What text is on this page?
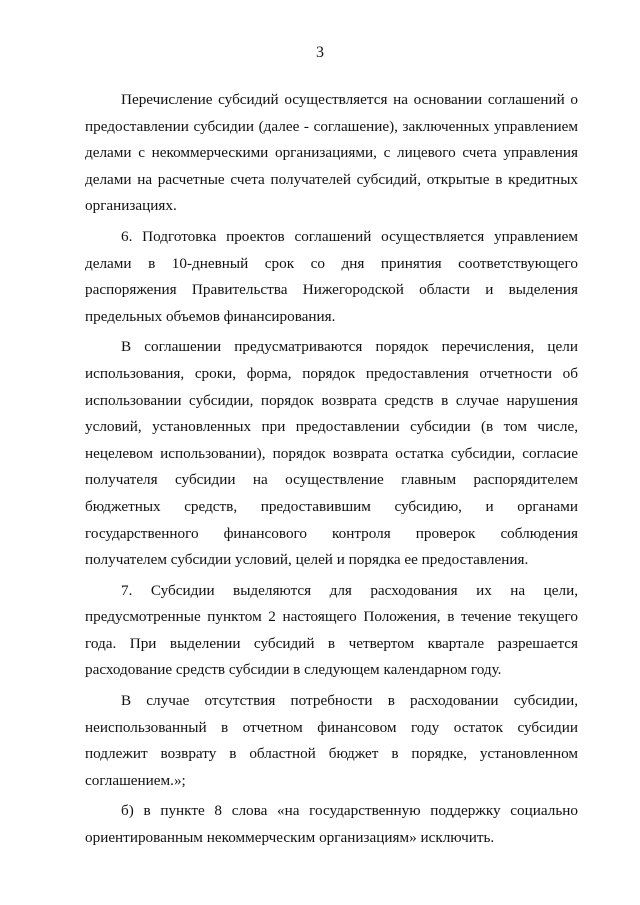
3

Перечисление субсидий осуществляется на основании соглашений о предоставлении субсидии (далее - соглашение), заключенных управлением делами с некоммерческими организациями, с лицевого счета управления делами на расчетные счета получателей субсидий, открытые в кредитных организациях.

6. Подготовка проектов соглашений осуществляется управлением делами в 10-дневный срок со дня принятия соответствующего распоряжения Правительства Нижегородской области и выделения предельных объемов финансирования.

В соглашении предусматриваются порядок перечисления, цели использования, сроки, форма, порядок предоставления отчетности об использовании субсидии, порядок возврата средств в случае нарушения условий, установленных при предоставлении субсидии (в том числе, нецелевом использовании), порядок возврата остатка субсидии, согласие получателя субсидии на осуществление главным распорядителем бюджетных средств, предоставившим субсидию, и органами государственного финансового контроля проверок соблюдения получателем субсидии условий, целей и порядка ее предоставления.

7. Субсидии выделяются для расходования их на цели, предусмотренные пунктом 2 настоящего Положения, в течение текущего года. При выделении субсидий в четвертом квартале разрешается расходование средств субсидии в следующем календарном году.

В случае отсутствия потребности в расходовании субсидии, неиспользованный в отчетном финансовом году остаток субсидии подлежит возврату в областной бюджет в порядке, установленном соглашением.»;

б) в пункте 8 слова «на государственную поддержку социально ориентированным некоммерческим организациям» исключить.
